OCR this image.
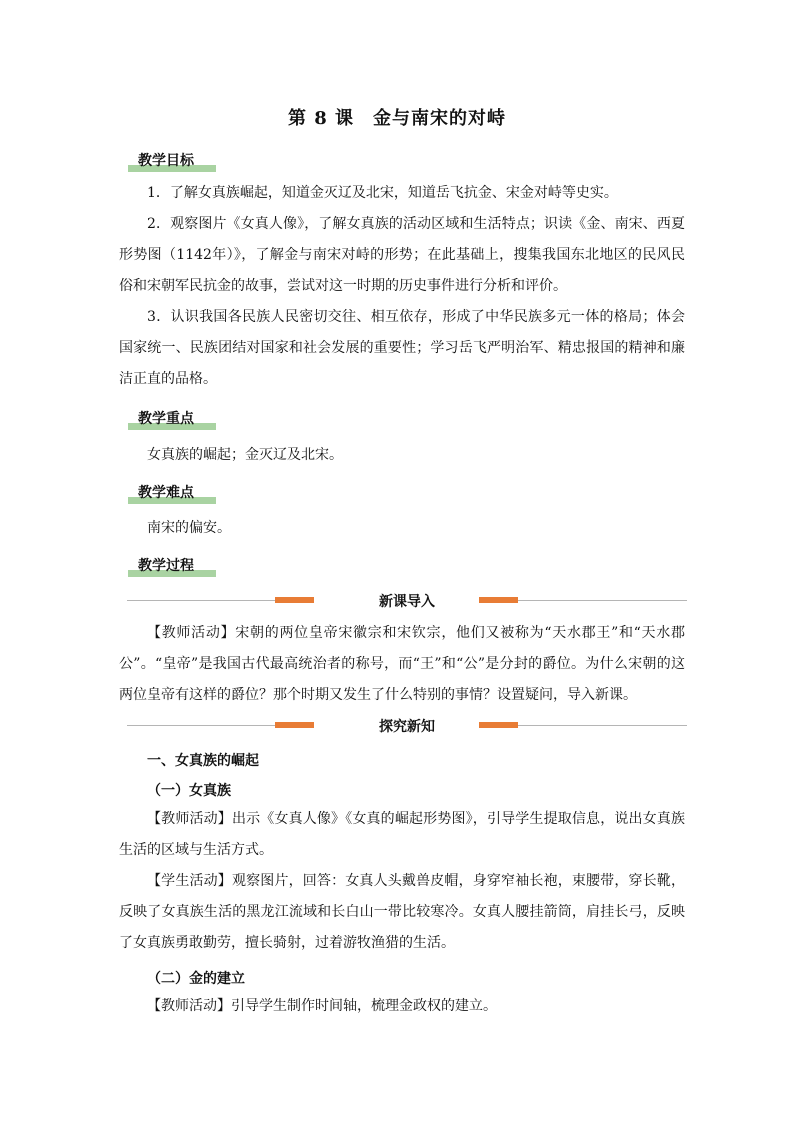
第 8 课　金与南宋的对峙
教学目标

1．了解女真族崛起，知道金灭辽及北宋，知道岳飞抗金、宋金对峙等史实。

2．观察图片《女真人像》，了解女真族的活动区域和生活特点；识读《金、南宋、西夏形势图（1142年）》，了解金与南宋对峙的形势；在此基础上，搜集我国东北地区的民风民俗和宋朝军民抗金的故事，尝试对这一时期的历史事件进行分析和评价。

3．认识我国各民族人民密切交往、相互依存，形成了中华民族多元一体的格局；体会国家统一、民族团结对国家和社会发展的重要性；学习岳飞严明治军、精忠报国的精神和廉洁正直的品格。

教学重点

女真族的崛起；金灭辽及北宋。

教学难点

南宋的偏安。

教学过程
新课导入

【教师活动】宋朝的两位皇帝宋徽宗和宋钦宗，他们又被称为“天水郡王”和“天水郡公”。“皇帝”是我国古代最高统治者的称号，而“王”和“公”是分封的爵位。为什么宋朝的这两位皇帝有这样的爵位？那个时期又发生了什么特别的事情？设置疑问，导入新课。

探究新知

一、女真族的崛起

（一）女真族

【教师活动】出示《女真人像》《女真的崛起形势图》，引导学生提取信息，说出女真族生活的区域与生活方式。

【学生活动】观察图片，回答：女真人头戴兽皮帽，身穿窄袖长袍，束腰带，穿长靴，反映了女真族生活的黑龙江流域和长白山一带比较寒冷。女真人腰挂箭筒，肩挂长弓，反映了女真族勇敢勤劳，擅长骑射，过着游牧渔猎的生活。

（二）金的建立

【教师活动】引导学生制作时间轴，梳理金政权的建立。
